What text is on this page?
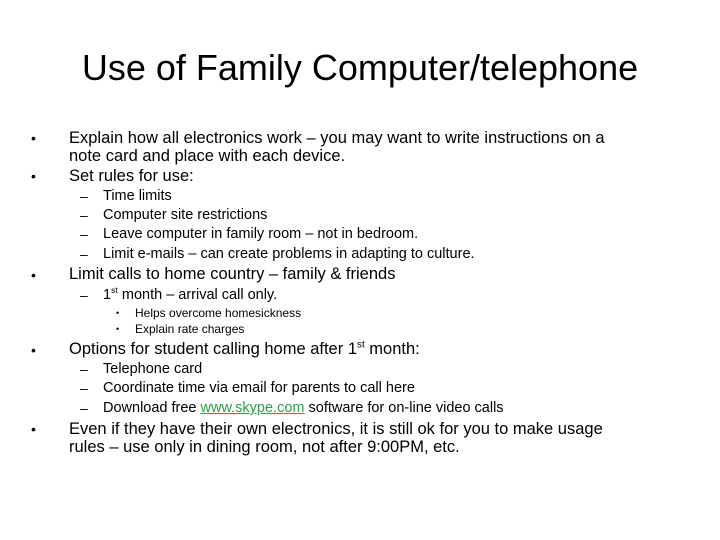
Use of Family Computer/telephone
• Explain how all electronics work – you may want to write instructions on a
note card and place with each device.
• Set rules for use:
– Time limits
– Computer site restrictions
– Leave computer in family room – not in bedroom.
– Limit e-mails – can create problems in adapting to culture.
• Limit calls to home country – family & friends
– 1st month – arrival call only.
• Helps overcome homesickness
• Explain rate charges
• Options for student calling home after 1st month:
– Telephone card
– Coordinate time via email for parents to call here
– Download free www.skype.com software for on-line video calls
• Even if they have their own electronics, it is still ok for you to make usage
rules – use only in dining room, not after 9:00PM, etc.
